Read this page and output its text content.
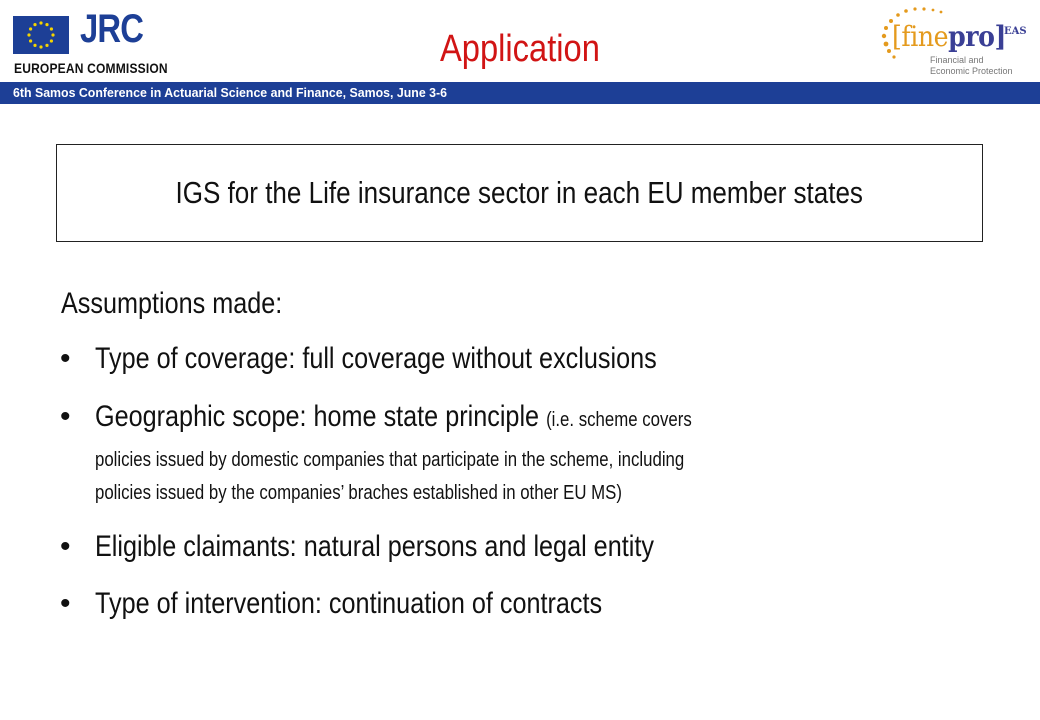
JRC
EUROPEAN COMMISSION	Application	[finepro]
EAS
Financial and
Economic Protection
6th Samos Conference in Actuarial Science and Finance, Samos, June 3-6
IGS for the Life insurance sector in each EU member states
Assumptions made:
• Type of coverage: full coverage without exclusions
• Geographic scope: home state principle (i.e. scheme covers
policies issued by domestic companies that participate in the scheme, including
policies issued by the companies’ braches established in other EU MS)
• Eligible claimants: natural persons and legal entity
• Type of intervention: continuation of contracts
